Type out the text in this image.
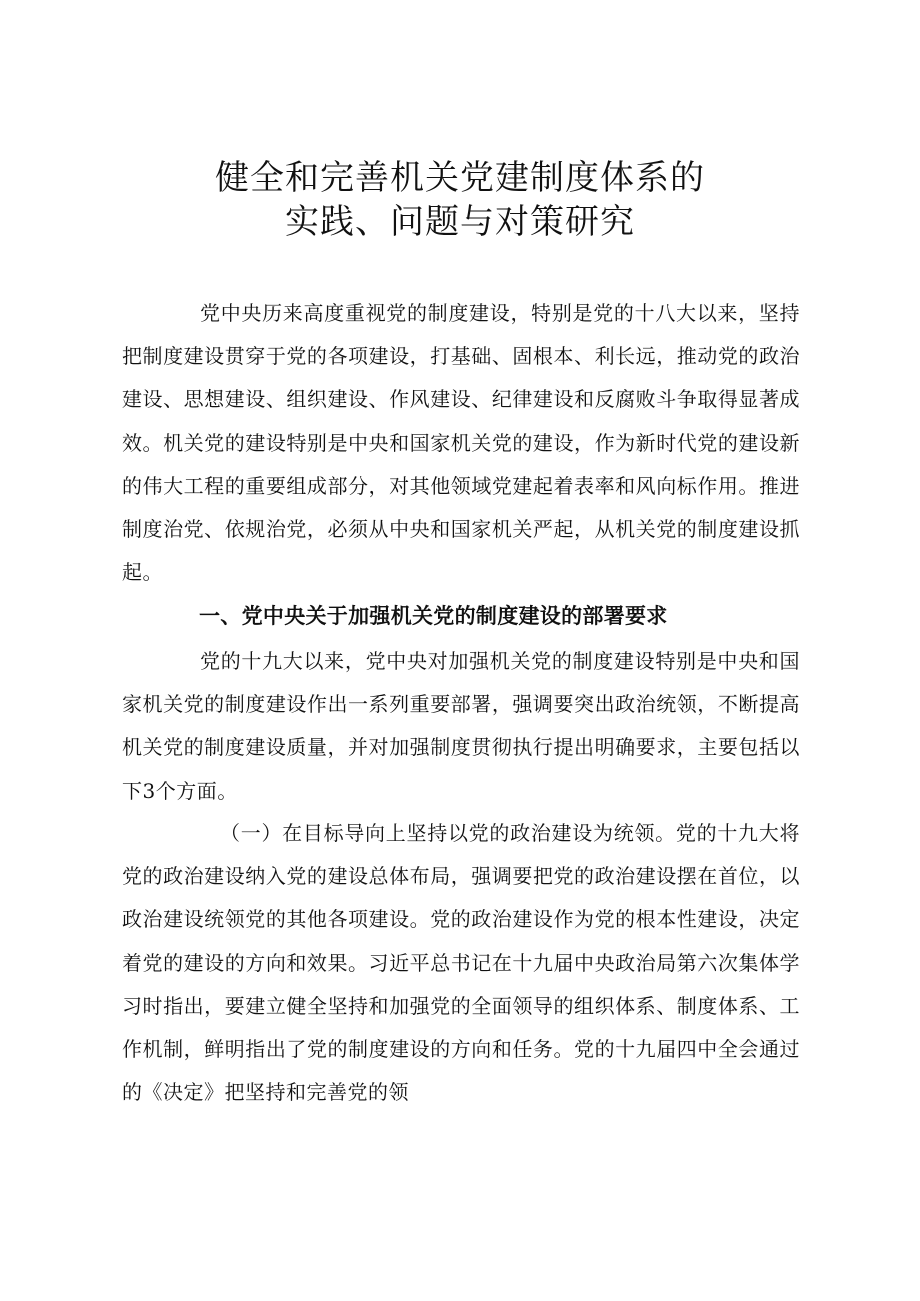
健全和完善机关党建制度体系的
实践、问题与对策研究

党中央历来高度重视党的制度建设，特别是党的十八大以来，坚持把制度建设贯穿于党的各项建设，打基础、固根本、利长远，推动党的政治建设、思想建设、组织建设、作风建设、纪律建设和反腐败斗争取得显著成效。机关党的建设特别是中央和国家机关党的建设，作为新时代党的建设新的伟大工程的重要组成部分，对其他领域党建起着表率和风向标作用。推进制度治党、依规治党，必须从中央和国家机关严起，从机关党的制度建设抓起。

一、党中央关于加强机关党的制度建设的部署要求

党的十九大以来，党中央对加强机关党的制度建设特别是中央和国家机关党的制度建设作出一系列重要部署，强调要突出政治统领，不断提高机关党的制度建设质量，并对加强制度贯彻执行提出明确要求，主要包括以下3个方面。

（一）在目标导向上坚持以党的政治建设为统领。党的十九大将党的政治建设纳入党的建设总体布局，强调要把党的政治建设摆在首位，以政治建设统领党的其他各项建设。党的政治建设作为党的根本性建设，决定着党的建设的方向和效果。习近平总书记在十九届中央政治局第六次集体学习时指出，要建立健全坚持和加强党的全面领导的组织体系、制度体系、工作机制，鲜明指出了党的制度建设的方向和任务。党的十九届四中全会通过的《决定》把坚持和完善党的领
